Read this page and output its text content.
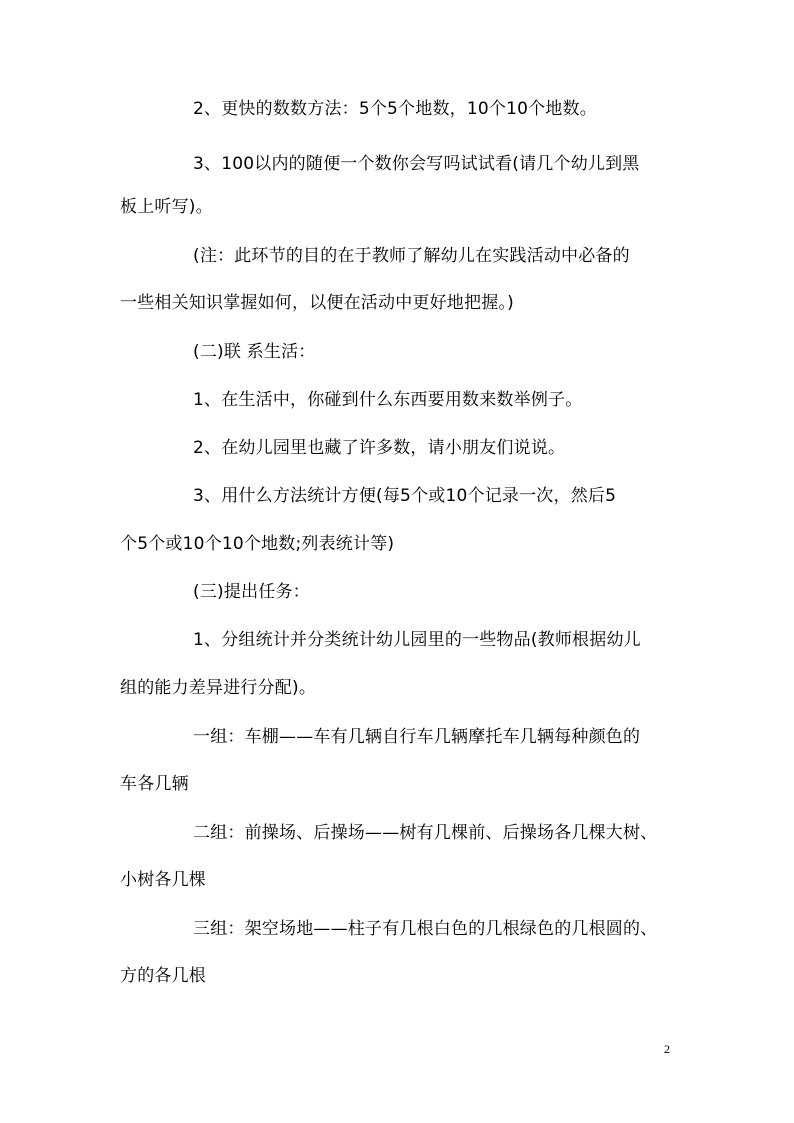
2、更快的数数方法：5个5个地数，10个10个地数。
3、100以内的随便一个数你会写吗试试看(请几个幼儿到黑
板上听写)。
(注：此环节的目的在于教师了解幼儿在实践活动中必备的
一些相关知识掌握如何，以便在活动中更好地把握。)
(二)联 系生活：
1、在生活中，你碰到什么东西要用数来数举例子。
2、在幼儿园里也藏了许多数，请小朋友们说说。
3、用什么方法统计方便(每5个或10个记录一次，然后5
个5个或10个10个地数;列表统计等)
(三)提出任务：
1、分组统计并分类统计幼儿园里的一些物品(教师根据幼儿
组的能力差异进行分配)。
一组：车棚——车有几辆自行车几辆摩托车几辆每种颜色的
车各几辆
二组：前操场、后操场——树有几棵前、后操场各几棵大树、
小树各几棵
三组：架空场地——柱子有几根白色的几根绿色的几根圆的、
方的各几根
2
